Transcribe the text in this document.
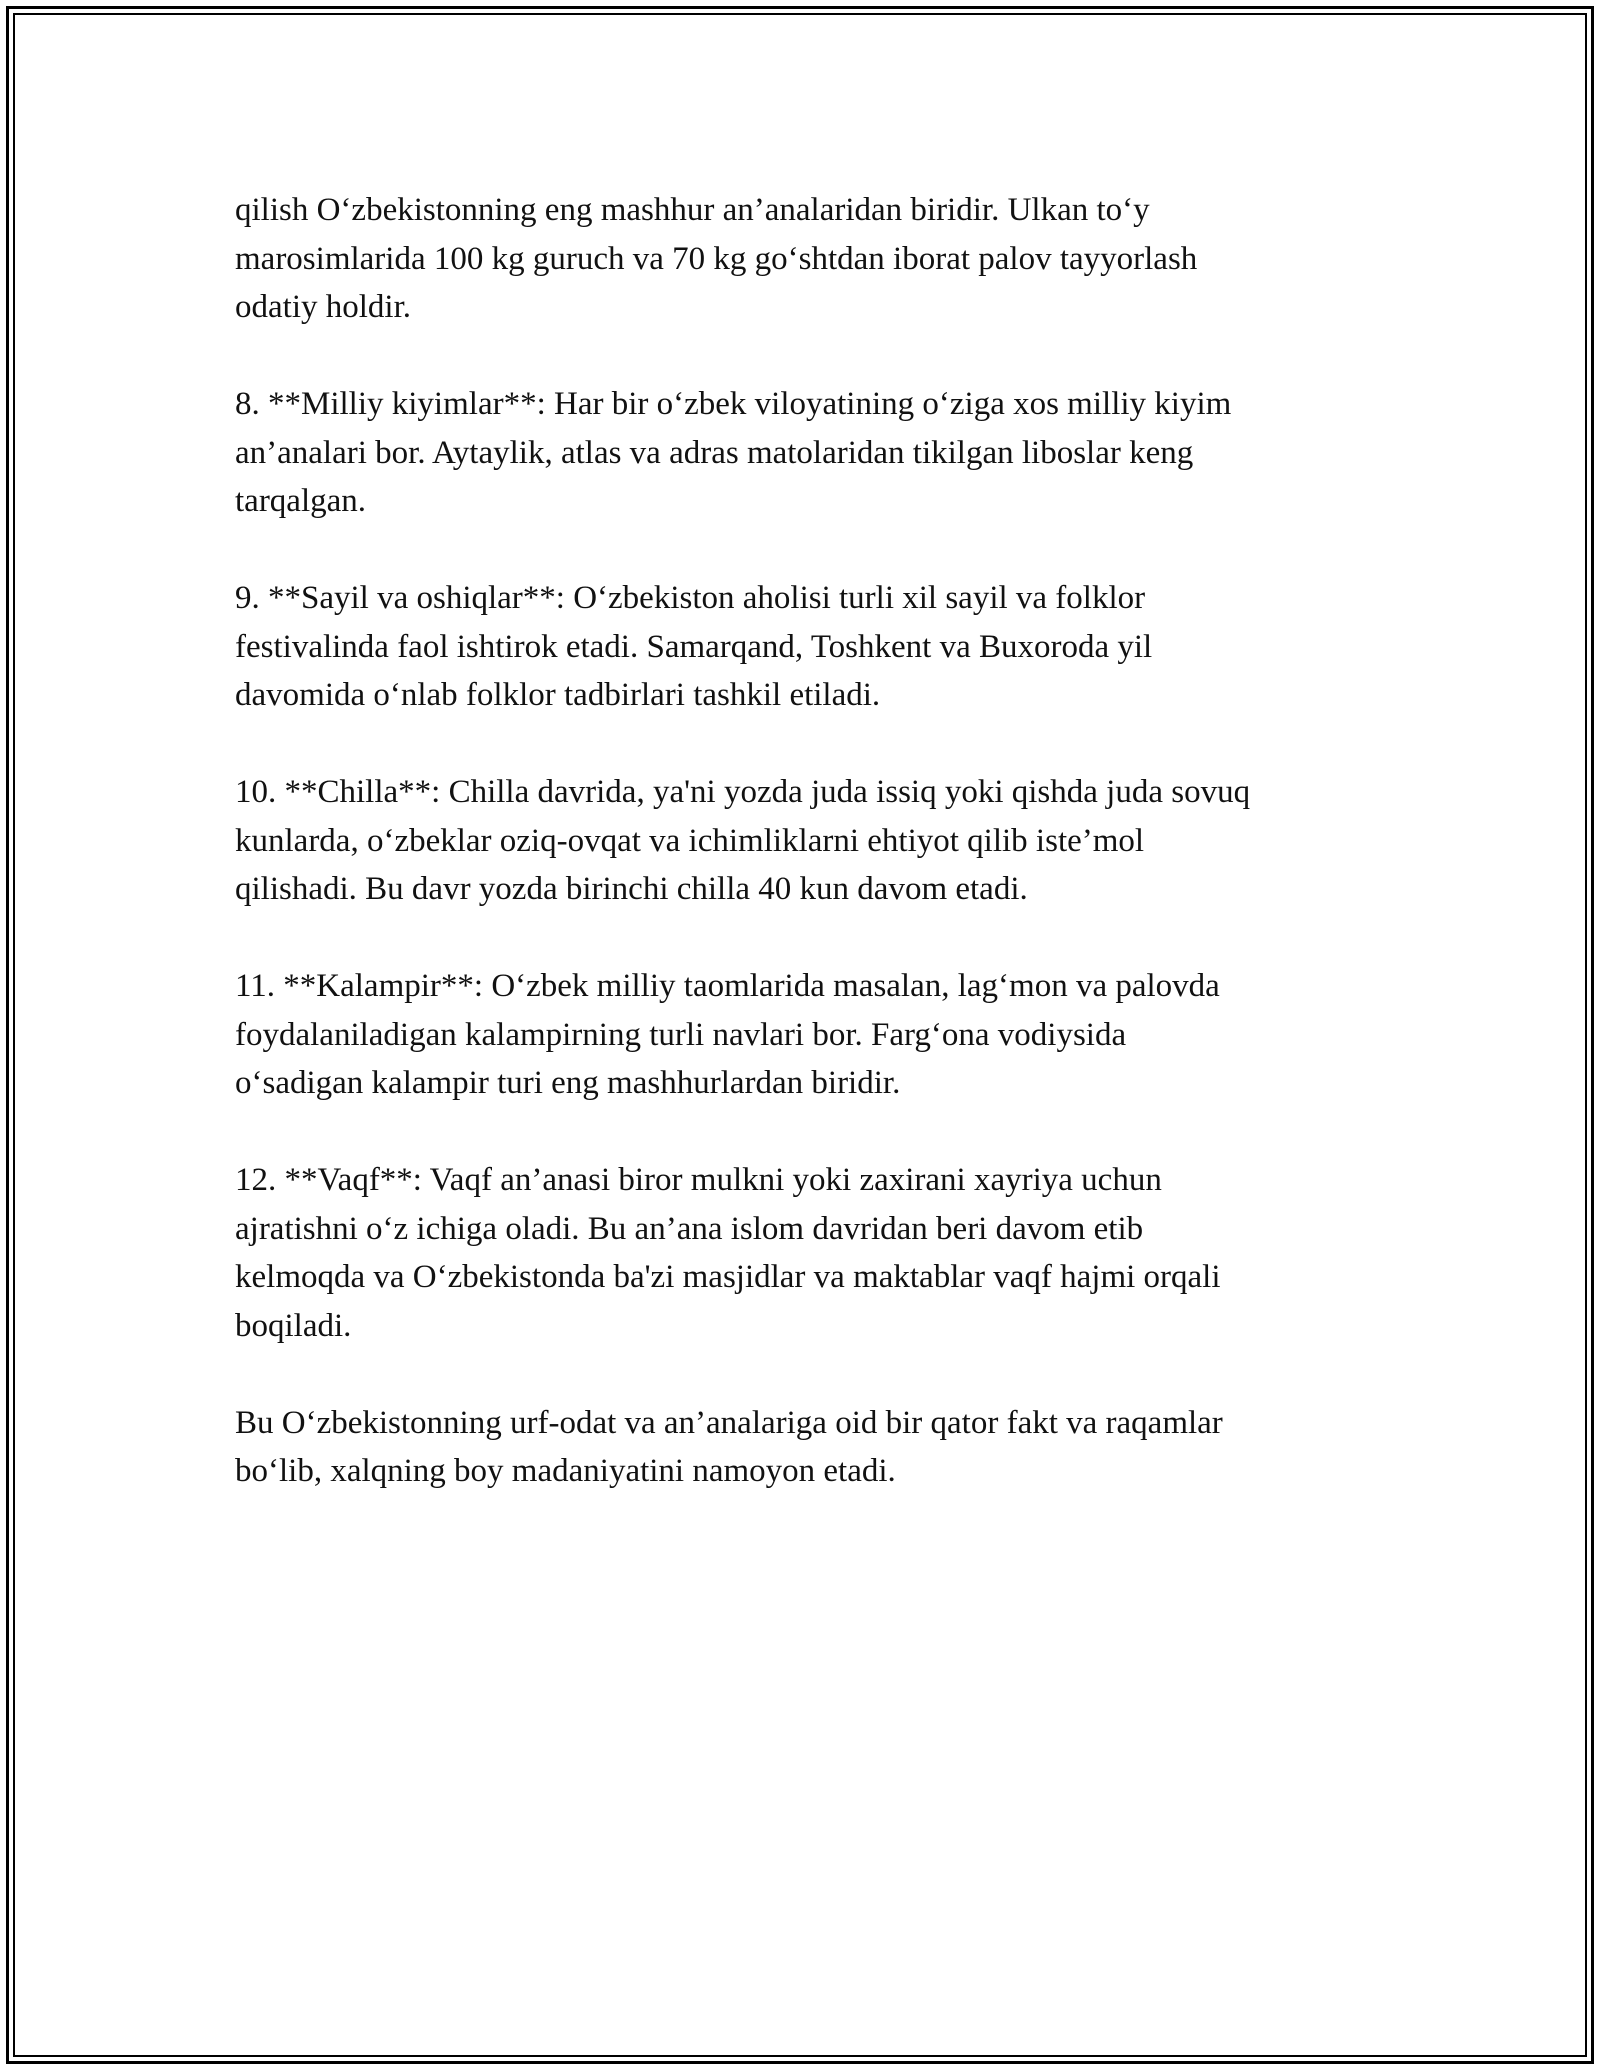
qilish O‘zbekistonning eng mashhur an’analaridan biridir. Ulkan to‘y
marosimlarida 100 kg guruch va 70 kg go‘shtdan iborat palov tayyorlash
odatiy holdir.

8. **Milliy kiyimlar**: Har bir o‘zbek viloyatining o‘ziga xos milliy kiyim
an’analari bor. Aytaylik, atlas va adras matolaridan tikilgan liboslar keng
tarqalgan.

9. **Sayil va oshiqlar**: O‘zbekiston aholisi turli xil sayil va folklor
festivalinda faol ishtirok etadi. Samarqand, Toshkent va Buxoroda yil
davomida o‘nlab folklor tadbirlari tashkil etiladi.

10. **Chilla**: Chilla davrida, ya'ni yozda juda issiq yoki qishda juda sovuq
kunlarda, o‘zbeklar oziq-ovqat va ichimliklarni ehtiyot qilib iste’mol
qilishadi. Bu davr yozda birinchi chilla 40 kun davom etadi.

11. **Kalampir**: O‘zbek milliy taomlarida masalan, lag‘mon va palovda
foydalaniladigan kalampirning turli navlari bor. Farg‘ona vodiysida
o‘sadigan kalampir turi eng mashhurlardan biridir.

12. **Vaqf**: Vaqf an’anasi biror mulkni yoki zaxirani xayriya uchun
ajratishni o‘z ichiga oladi. Bu an’ana islom davridan beri davom etib
kelmoqda va O‘zbekistonda ba'zi masjidlar va maktablar vaqf hajmi orqali
boqiladi.

Bu O‘zbekistonning urf-odat va an’analariga oid bir qator fakt va raqamlar
bo‘lib, xalqning boy madaniyatini namoyon etadi.
